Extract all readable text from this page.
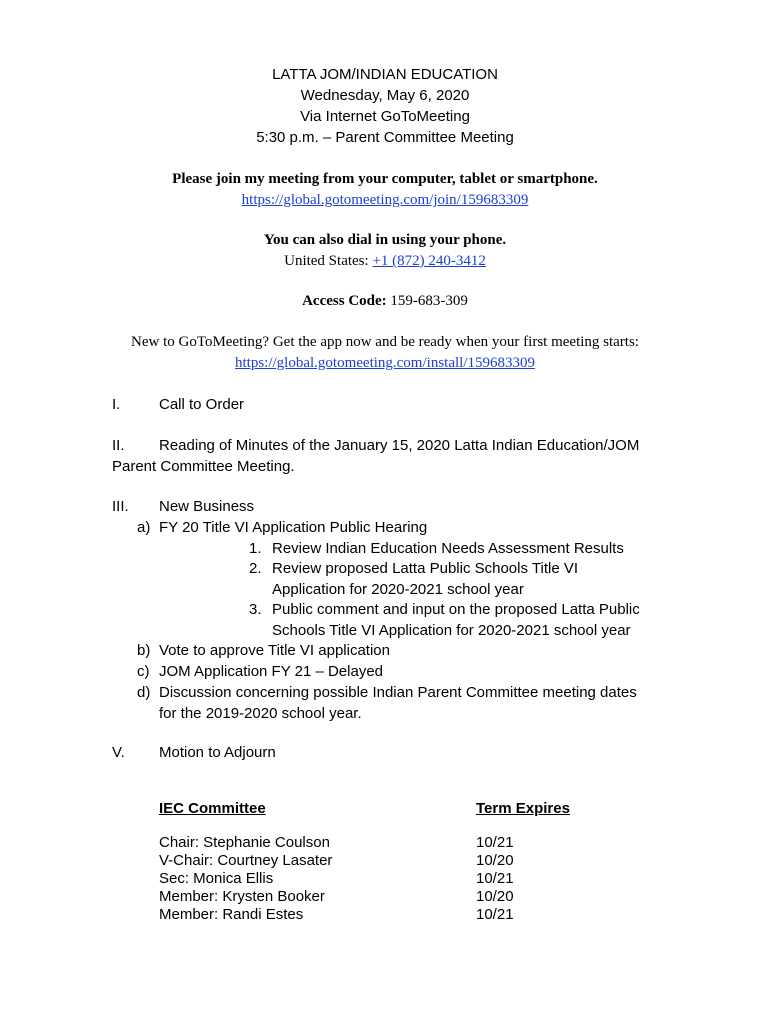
LATTA JOM/INDIAN EDUCATION
Wednesday, May 6, 2020
Via Internet GoToMeeting
5:30 p.m. – Parent Committee Meeting
Please join my meeting from your computer, tablet or smartphone.
https://global.gotomeeting.com/join/159683309
You can also dial in using your phone.
United States: +1 (872) 240-3412
Access Code: 159-683-309
New to GoToMeeting? Get the app now and be ready when your first meeting starts:
https://global.gotomeeting.com/install/159683309
I.	Call to Order
II. Reading of Minutes of the January 15, 2020 Latta Indian Education/JOM
Parent Committee Meeting.
III. New Business
a) FY 20 Title VI Application Public Hearing
1. Review Indian Education Needs Assessment Results
2. Review proposed Latta Public Schools Title VI
Application for 2020-2021 school year
3. Public comment and input on the proposed Latta Public
Schools Title VI Application for 2020-2021 school year
b) Vote to approve Title VI application
c) JOM Application FY 21 – Delayed
d) Discussion concerning possible Indian Parent Committee meeting dates
for the 2019-2020 school year.
V. Motion to Adjourn
IEC Committee	Term Expires
Chair: Stephanie Coulson
V-Chair: Courtney Lasater
Sec: Monica Ellis
Member: Krysten Booker
Member: Randi Estes
10/21
10/20
10/21
10/20
10/21
